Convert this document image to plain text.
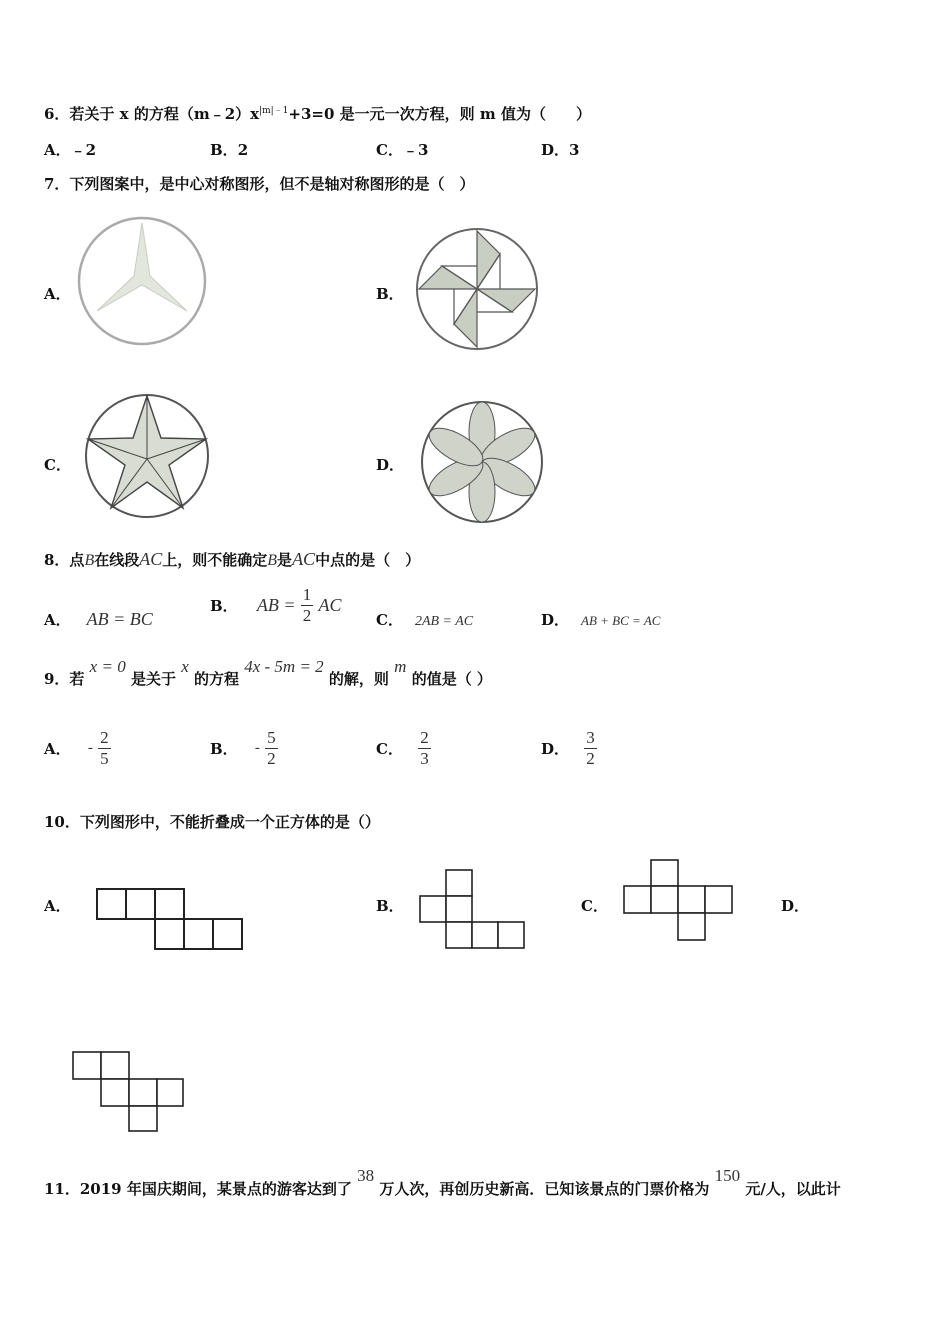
6．若关于 x 的方程$(m﹣2)x^{|m|﹣1}+3=0$ 是一元一次方程，则 m 值为（　　）
A．﹣2	B．2	C．﹣3	D．3
7．下列图案中，是中心对称图形，但不是轴对称图形的是（　）
A．	B．
C．	D．
8．点B在线段AC上，则不能确定B是AC中点的是（　）
A． AB = BC
B． AB = $\frac{1}{2}$ AC
C． 2AB = AC	D． AB + BC = AC
9．若 x = 0 是关于 x 的方程 4x - 5m = 2 的解，则 m 的值是（ ）
A． - $\frac{2}{5}$	B． - $\frac{5}{2}$	C． $\frac{2}{3}$	D． $\frac{3}{2}$
10．下列图形中，不能折叠成一个正方体的是（）
A．	B．	C．	D．
11．2019 年国庆期间，某景点的游客达到了 38 万人次，再创历史新高．已知该景点的门票价格为 150 元/人，以此计
